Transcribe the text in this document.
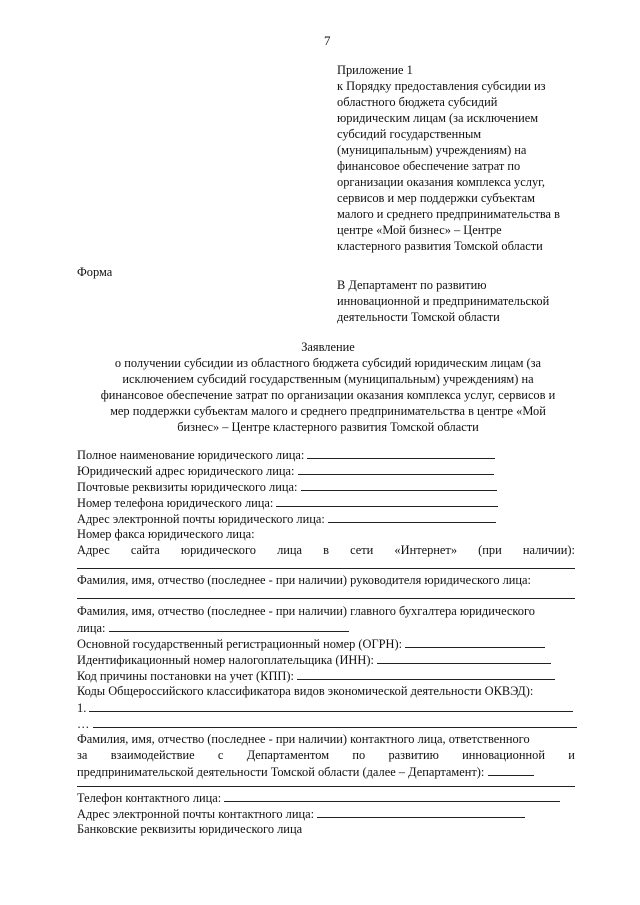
7
Приложение 1
к Порядку предоставления субсидии из
областного бюджета субсидий
юридическим лицам (за исключением
субсидий государственным
(муниципальным) учреждениям) на
финансовое обеспечение затрат по
организации оказания комплекса услуг,
сервисов и мер поддержки субъектам
малого и среднего предпринимательства в
центре «Мой бизнес» – Центре
кластерного развития Томской области
Форма
В Департамент по развитию
инновационной и предпринимательской
деятельности Томской области
Заявление
о получении субсидии из областного бюджета субсидий юридическим лицам (за
исключением субсидий государственным (муниципальным) учреждениям) на
финансовое обеспечение затрат по организации оказания комплекса услуг, сервисов и
мер поддержки субъектам малого и среднего предпринимательства в центре «Мой
бизнес» – Центре кластерного развития Томской области
Полное наименование юридического лица:
Юридический адрес юридического лица:
Почтовые реквизиты юридического лица:
Номер телефона юридического лица:
Адрес электронной почты юридического лица:
Номер факса юридического лица:
Адрес сайта юридического лица в сети «Интернет» (при наличии):
Фамилия, имя, отчество (последнее - при наличии) руководителя юридического лица:
Фамилия, имя, отчество (последнее - при наличии) главного бухгалтера юридического
лица:
Основной государственный регистрационный номер (ОГРН):
Идентификационный номер налогоплательщика (ИНН):
Код причины постановки на учет (КПП):
Коды Общероссийского классификатора видов экономической деятельности ОКВЭД):
1.
…
Фамилия, имя, отчество (последнее - при наличии) контактного лица, ответственного
за взаимодействие с Департаментом по развитию инновационной и
предпринимательской деятельности Томской области (далее – Департамент):
Телефон контактного лица:
Адрес электронной почты контактного лица:
Банковские реквизиты юридического лица
